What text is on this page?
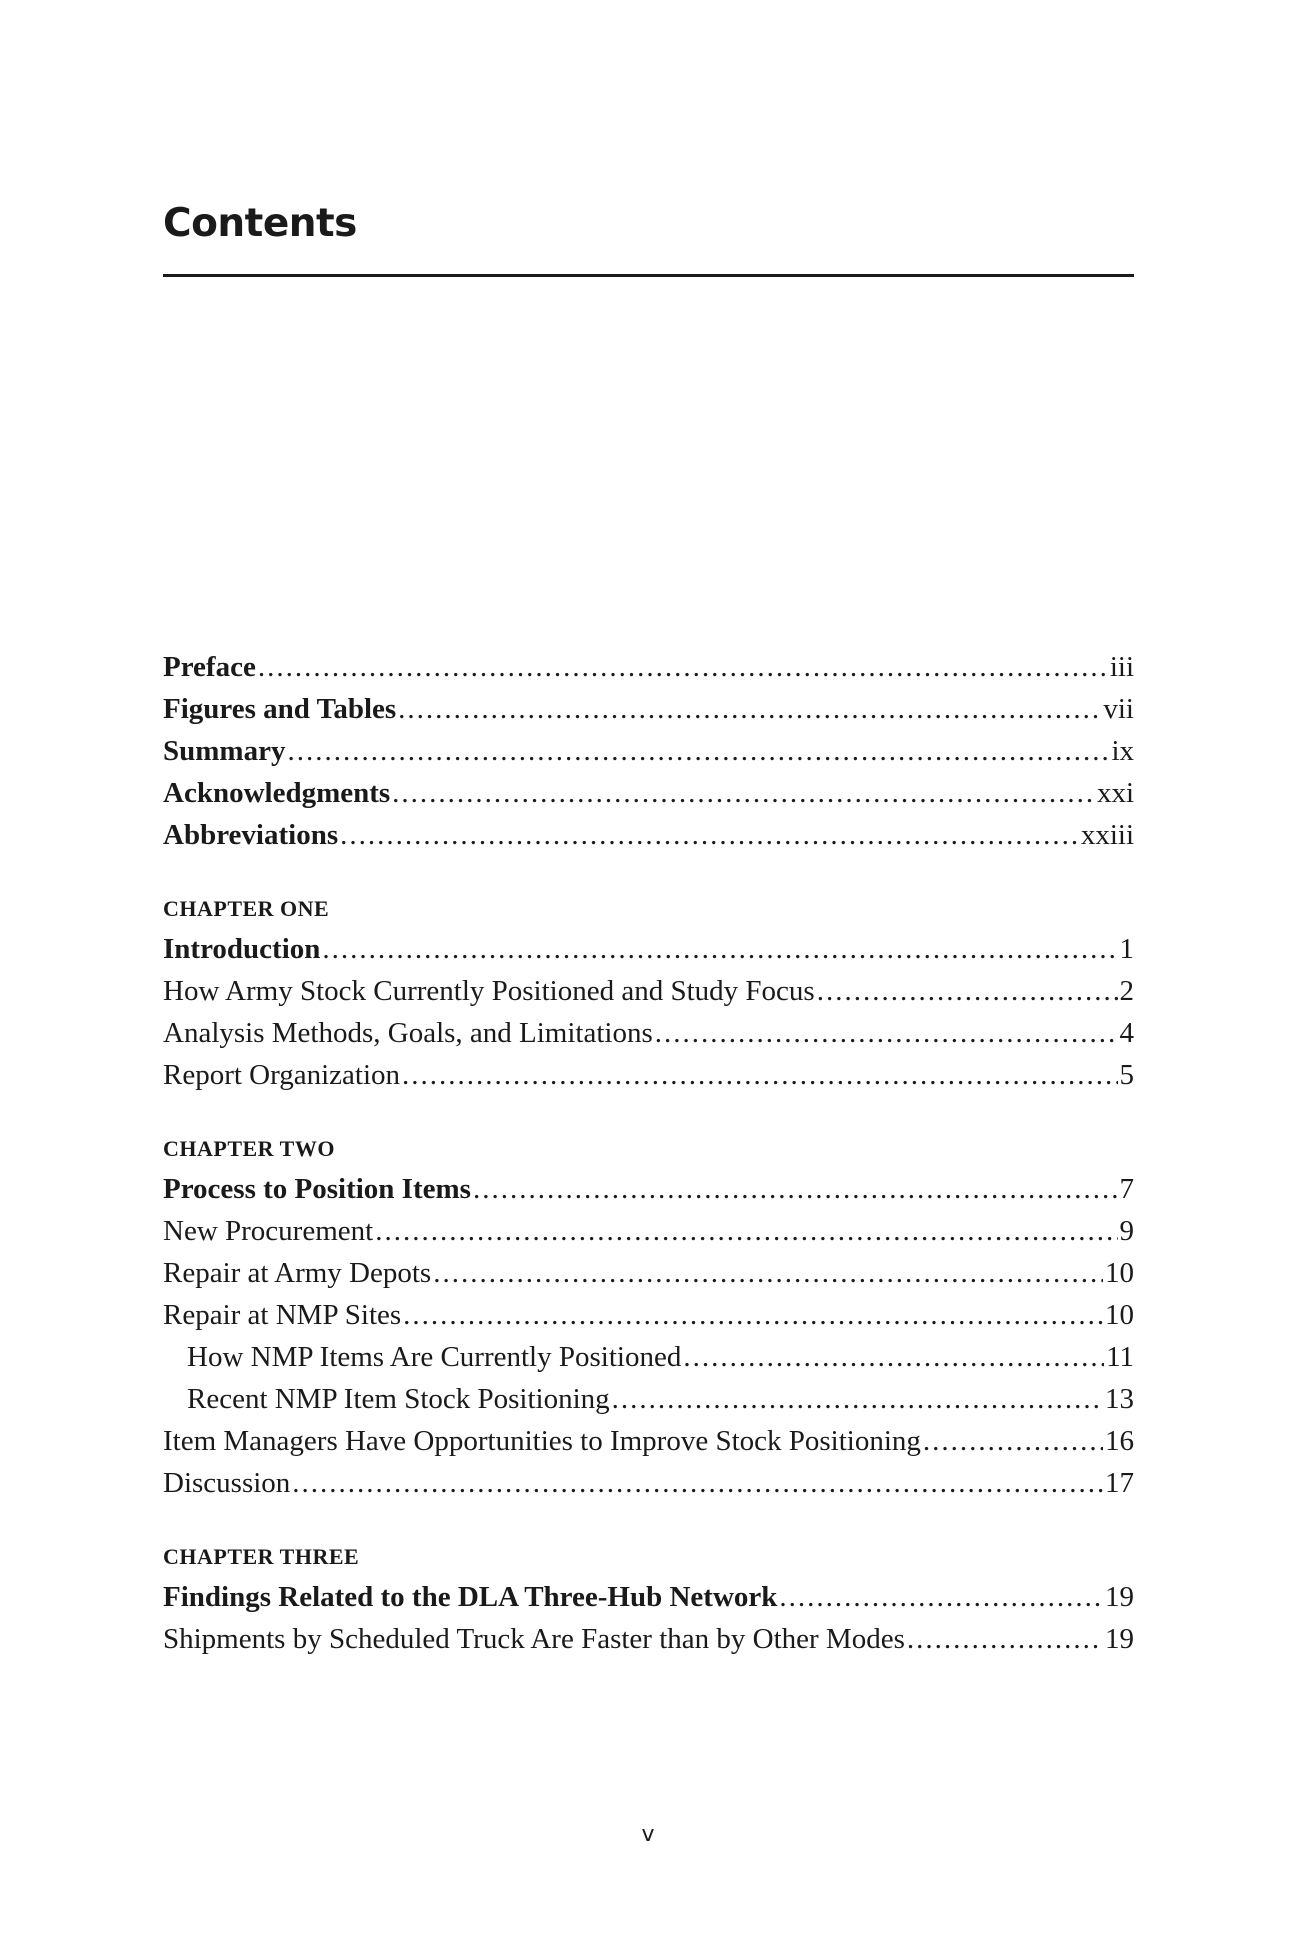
Contents
Preface .....	iii
Figures and Tables .....	vii
Summary .....	ix
Acknowledgments .....	xxi
Abbreviations .....	xxiii
CHAPTER ONE
Introduction .....	1
How Army Stock Currently Positioned and Study Focus .....	2
Analysis Methods, Goals, and Limitations .....	4
Report Organization .....	5
CHAPTER TWO
Process to Position Items .....	7
New Procurement .....	9
Repair at Army Depots .....	10
Repair at NMP Sites .....	10
How NMP Items Are Currently Positioned .....	11
Recent NMP Item Stock Positioning .....	13
Item Managers Have Opportunities to Improve Stock Positioning .....	16
Discussion .....	17
CHAPTER THREE
Findings Related to the DLA Three-Hub Network .....	19
Shipments by Scheduled Truck Are Faster than by Other Modes .....	19
v
